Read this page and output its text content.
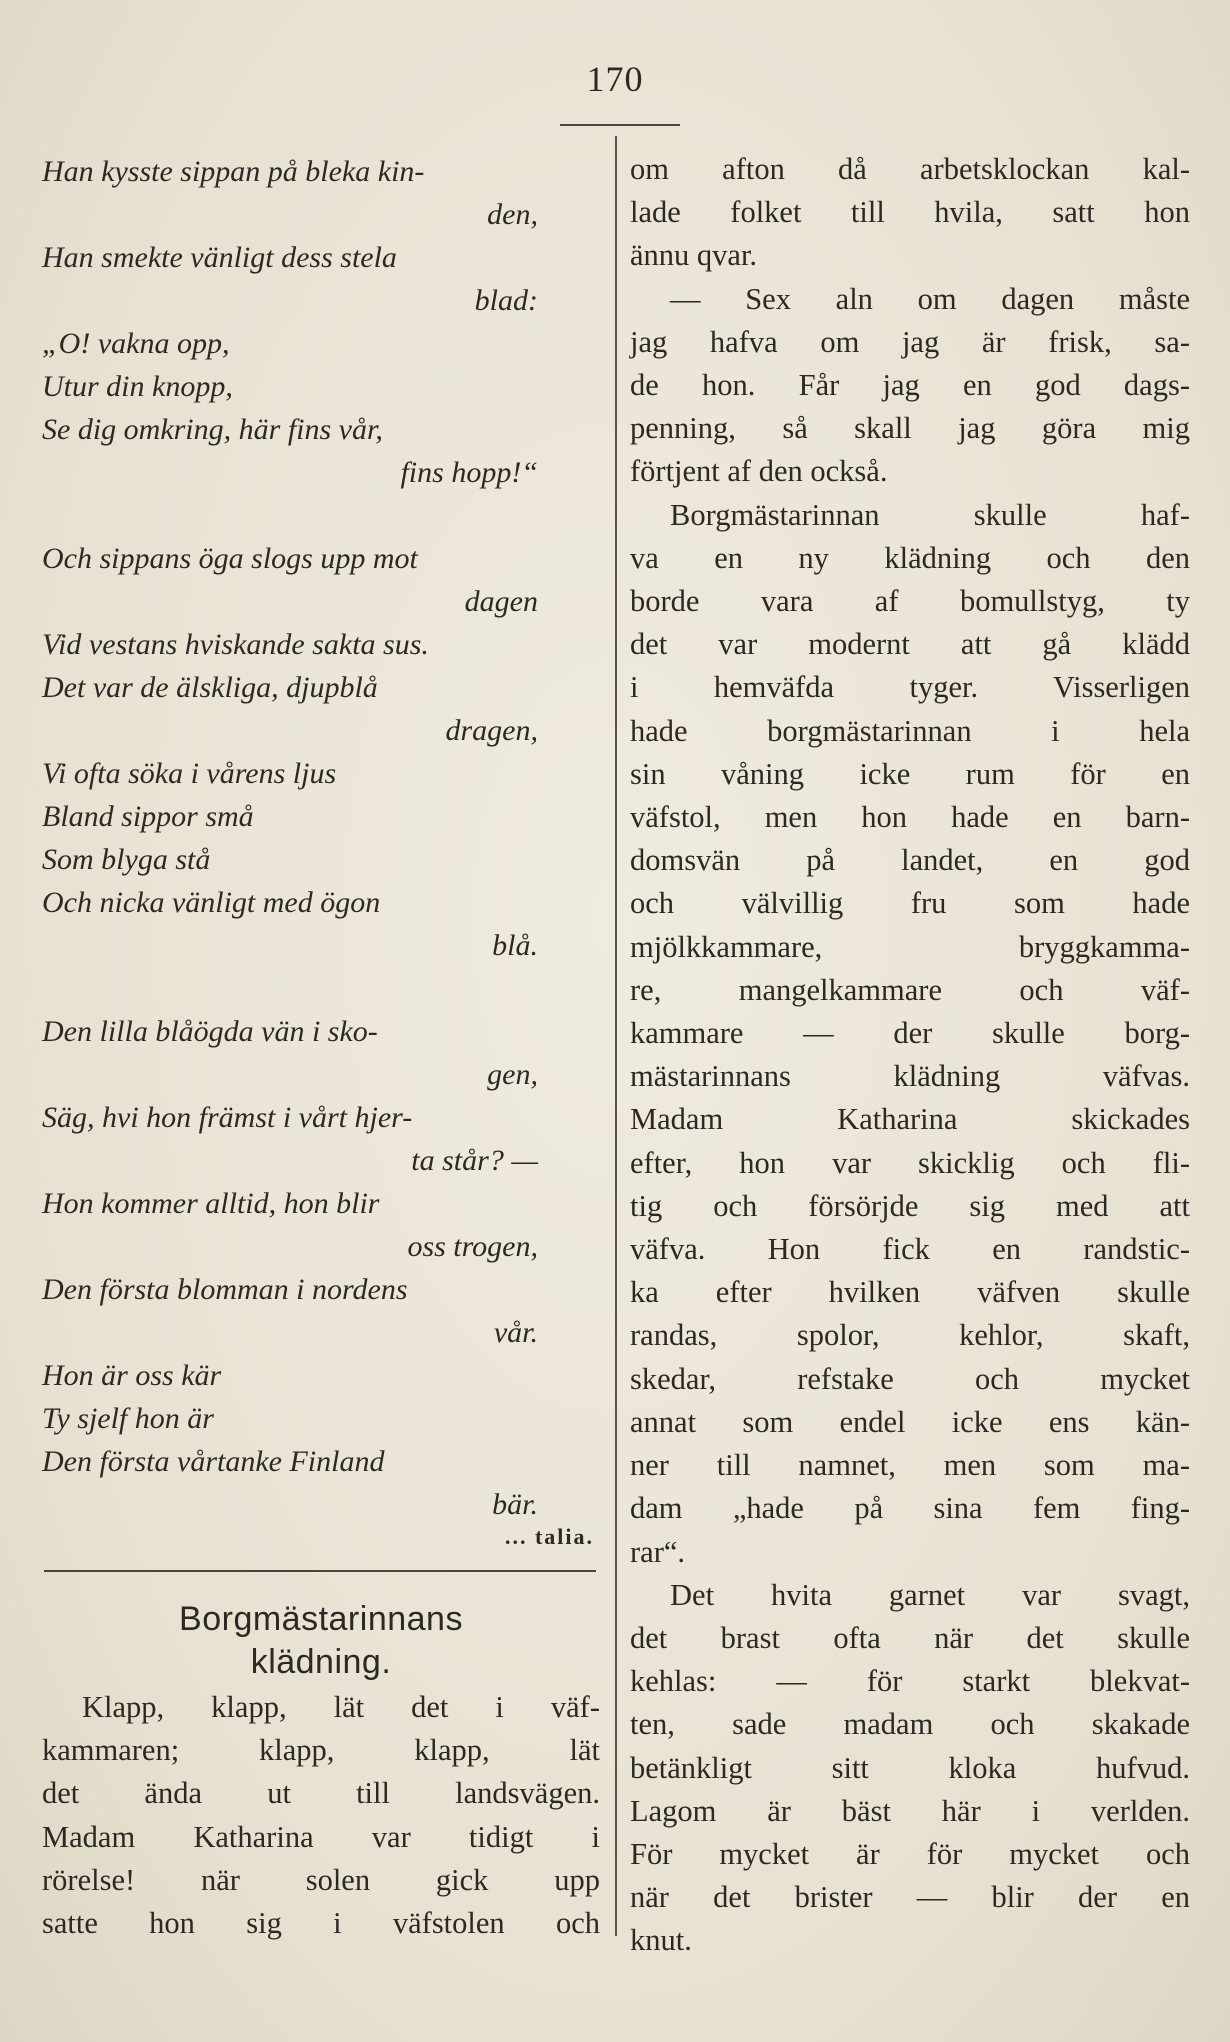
170
Han kysste sippan på bleka kin-
den,
Han smekte vänligt dess stela
blad:
„O! vakna opp,
Utur din knopp,
Se dig omkring, här fins vår,
fins hopp!“
Och sippans öga slogs upp mot
dagen
Vid vestans hviskande sakta sus.
Det var de älskliga, djupblå
dragen,
Vi ofta söka i vårens ljus
Bland sippor små
Som blyga stå
Och nicka vänligt med ögon
blå.
Den lilla blåögda vän i sko-
gen,
Säg, hvi hon främst i vårt hjer-
ta står? —
Hon kommer alltid, hon blir
oss trogen,
Den första blomman i nordens
vår.
Hon är oss kär
Ty sjelf hon är
Den första vårtanke Finland
bär.
... talia.
Borgmästarinnans
klädning.

Klapp, klapp, lät det i väf-
kammaren; klapp, klapp, lät
det ända ut till landsvägen.
Madam Katharina var tidigt i
rörelse! när solen gick upp
satte hon sig i väfstolen och

om afton då arbetsklockan kal-
lade folket till hvila, satt hon
ännu qvar.

— Sex aln om dagen måste
jag hafva om jag är frisk, sa-
de hon. Får jag en god dags-
penning, så skall jag göra mig
förtjent af den också.

Borgmästarinnan skulle haf-
va en ny klädning och den
borde vara af bomullstyg, ty
det var modernt att gå klädd
i hemväfda tyger. Visserligen
hade borgmästarinnan i hela
sin våning icke rum för en
väfstol, men hon hade en barn-
domsvän på landet, en god
och välvillig fru som hade
mjölkkammare, bryggkamma-
re, mangelkammare och väf-
kammare — der skulle borg-
mästarinnans klädning väfvas.
Madam Katharina skickades
efter, hon var skicklig och fli-
tig och försörjde sig med att
väfva. Hon fick en randstic-
ka efter hvilken väfven skulle
randas, spolor, kehlor, skaft,
skedar, refstake och mycket
annat som endel icke ens kän-
ner till namnet, men som ma-
dam „hade på sina fem fing-
rar“.

Det hvita garnet var svagt,
det brast ofta när det skulle
kehlas: — för starkt blekvat-
ten, sade madam och skakade
betänkligt sitt kloka hufvud.
Lagom är bäst här i verlden.
För mycket är för mycket och
när det brister — blir der en
knut.
